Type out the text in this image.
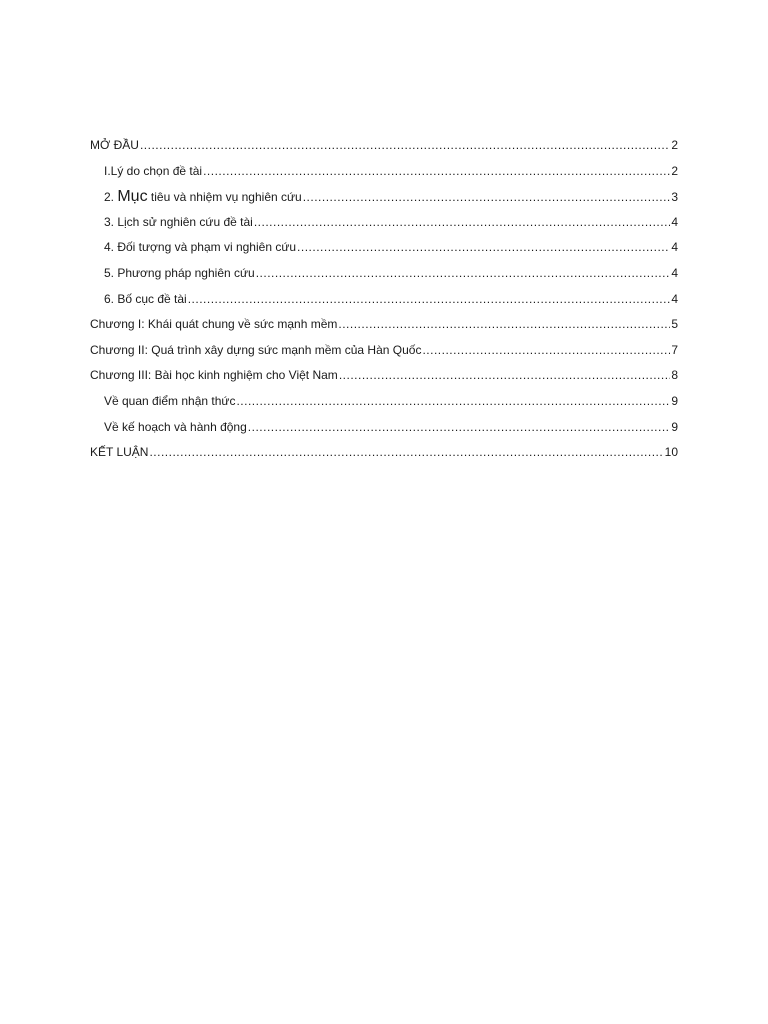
MỞ ĐẦU .....	2
I.Lý do chọn đề tài .....	2
2. Mục tiêu và nhiệm vụ nghiên cứu .....	3
3. Lịch sử nghiên cứu đề tài .....	4
4. Đối tượng và phạm vi nghiên cứu .....	4
5. Phương pháp nghiên cứu .....	4
6. Bố cục đề tài .....	4
Chương I: Khái quát chung về sức mạnh mềm .....	5
Chương II: Quá trình xây dựng sức mạnh mềm của Hàn Quốc .....	7
Chương III: Bài học kinh nghiệm cho Việt Nam .....	8
Về quan điểm nhận thức .....	9
Về kế hoạch và hành động .....	9
KẾT LUẬN .....	10
